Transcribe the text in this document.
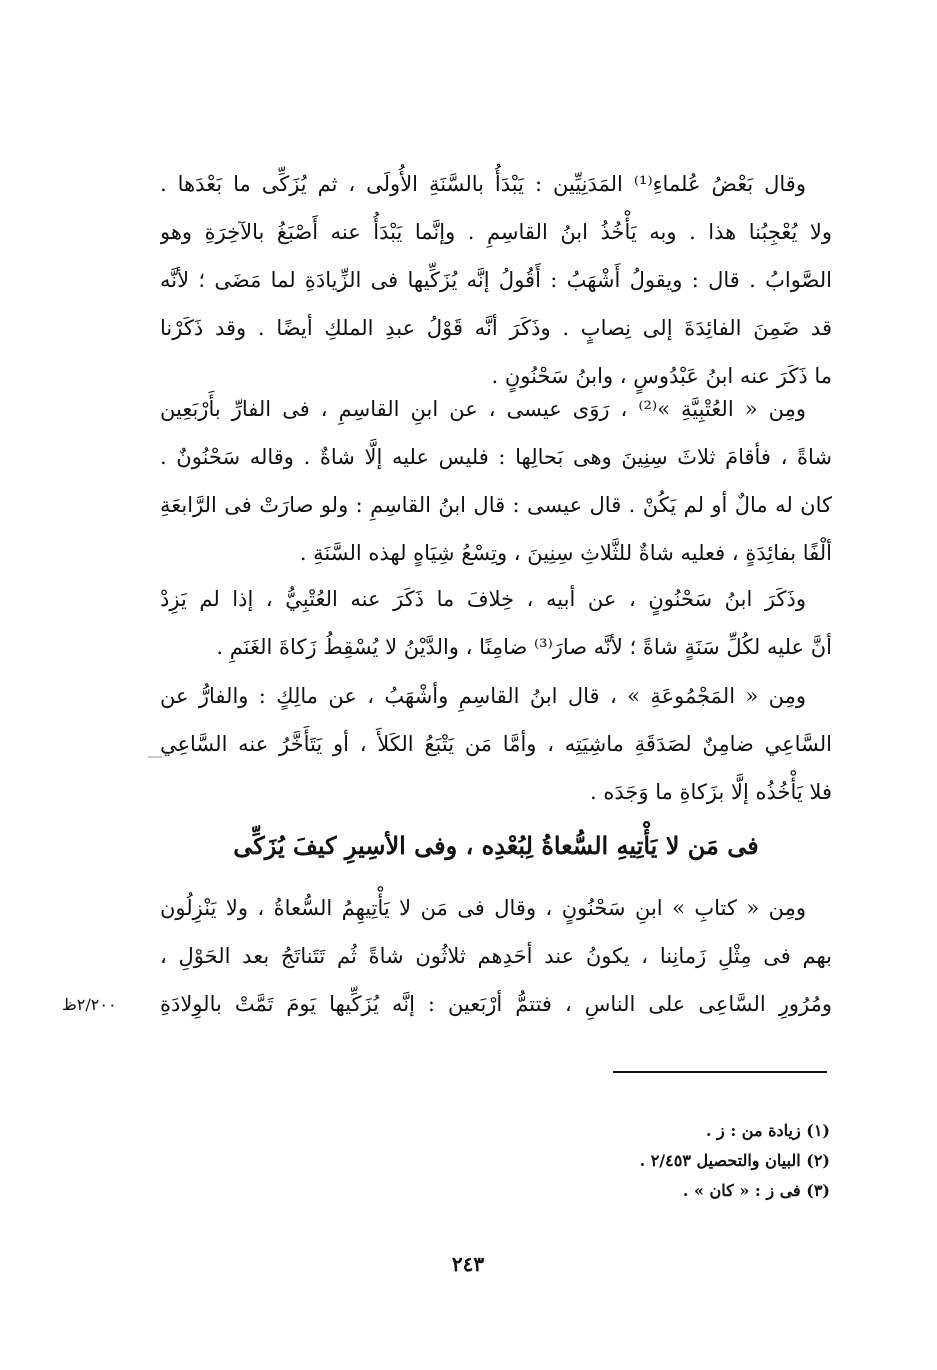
وقال بَعْضُ عُلماءِ⁽¹⁾ المَدَنِيِّين : يَبْدَأُ بالسَّنَةِ الأُولَى ، ثم يُزَكِّى ما بَعْدَها .
ولا يُعْجِبُنا هذا . وبه يَأْخُذُ ابنُ القاسِمِ . وإنَّما يَبْدَأُ عنه أَصْبَغُ بالآخِرَةِ وهو
الصَّوابُ . قال : ويقولُ أَشْهَبُ : أَقُولُ إنَّه يُزَكِّيها فى الزِّيادَةِ لما مَضَى ؛ لأنَّه
قد ضَمِنَ الفائِدَةَ إلى نِصابٍ . وذَكَرَ أنَّه قَوْلُ عبدِ الملكِ أيضًا . وقد ذَكَرْنا
ما ذَكَرَ عنه ابنُ عَبْدُوسٍ ، وابنُ سَحْنُونٍ .
ومِن « العُتْبِيَّةِ »⁽²⁾ ، رَوَى عيسى ، عن ابنِ القاسِمِ ، فى الفارِّ بأَرْبَعِين
شاةً ، فأقامَ ثلاثَ سِنِينَ وهى بَحالِها : فليس عليه إلَّا شاةٌ . وقاله سَحْنُونٌ .
كان له مالٌ أو لم يَكُنْ . قال عيسى : قال ابنُ القاسِمِ : ولو صارَتْ فى الرَّابعَةِ
ألْفًا بفائِدَةٍ ، فعليه شاةٌ للثَّلاثِ سِنِينَ ، وتِسْعُ شِيَاهٍ لهذه السَّنَةِ .
وذَكَرَ ابنُ سَحْنُونٍ ، عن أبيه ، خِلافَ ما ذَكَرَ عنه العُتْبِيُّ ، إذا لم يَزِدْ
أنَّ عليه لكُلِّ سَنَةٍ شاةً ؛ لأنَّه صارَ⁽³⁾ ضامِنًا ، والدَّيْنُ لا يُسْقِطُ زَكاةَ الغَنَمِ .
ومِن « المَجْمُوعَةِ » ، قال ابنُ القاسِمِ وأشْهَبُ ، عن مالِكٍ : والفارُّ عن
السَّاعِي ضامِنٌ لصَدَقَةِ ماشِيَتِه ، وأمَّا مَن يَتْبَعُ الكَلأَ ، أو يَتَأَخَّرُ عنه السَّاعِي
فلا يَأْخُذُه إلَّا بزَكاةِ ما وَجَدَه .
فى مَن لا يَأْتِيهِ السُّعاةُ لِبُعْدِه ، وفى الأسِيرِ كيفَ يُزَكِّى
ومِن « كتابِ » ابنِ سَحْنُونٍ ، وقال فى مَن لا يَأْتِيهِمُ السُّعاةُ ، ولا يَنْزِلُون
بهم فى مِثْلِ زَمانِنا ، يكونُ عند أحَدِهم ثلاثُون شاةً ثُم تَتَناتَجُ بعد الحَوْلِ ،
ومُرُورِ السَّاعِى على الناسِ ، فتتمُّ أرْبَعين : إنَّه يُزَكِّيها يَومَ تَمَّتْ بالوِلادَةِ
٢/٢٠٠ظ
(١) زيادة من : ز .
(٢) البيان والتحصيل ٢/٤٥٣ .
(٣) فى ز : « كان » .
٢٤٣
